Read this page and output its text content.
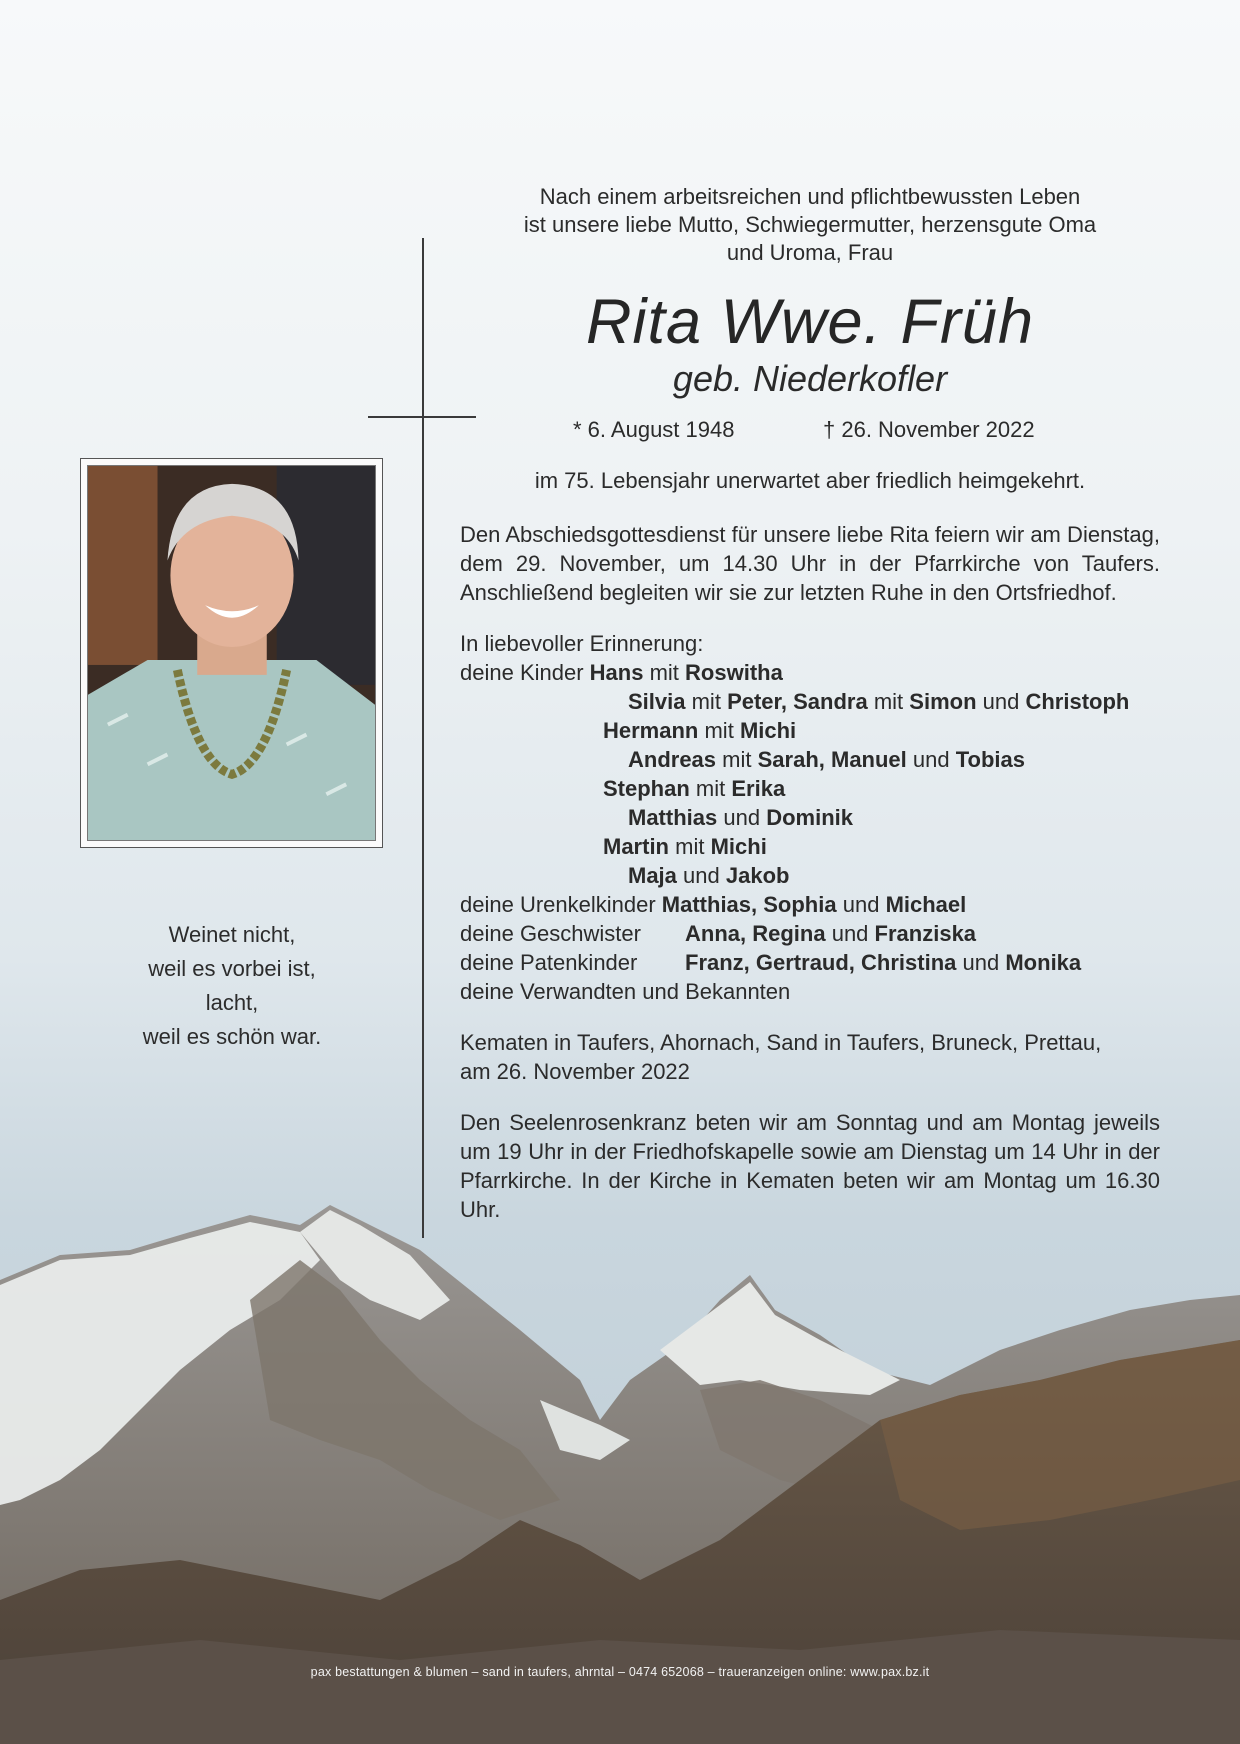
Weinet nicht,
weil es vorbei ist,
lacht,
weil es schön war.
Nach einem arbeitsreichen und pflichtbewussten Leben
ist unsere liebe Mutto, Schwiegermutter, herzensgute Oma
und Uroma, Frau
Rita Wwe. Früh
geb. Niederkofler
* 6. August 1948	† 26. November 2022
im 75. Lebensjahr unerwartet aber friedlich heimgekehrt.
Den Abschiedsgottesdienst für unsere liebe Rita feiern wir am Dienstag, dem 29. November, um 14.30 Uhr in der Pfarrkirche von Taufers. Anschließend begleiten wir sie zur letzten Ruhe in den Ortsfriedhof.
In liebevoller Erinnerung:
deine Kinder Hans mit Roswitha
Silvia mit Peter, Sandra mit Simon und Christoph
Hermann mit Michi
Andreas mit Sarah, Manuel und Tobias
Stephan mit Erika
Matthias und Dominik
Martin mit Michi
Maja und Jakob
deine Urenkelkinder Matthias, Sophia und Michael
deine Geschwister Anna, Regina und Franziska
deine Patenkinder Franz, Gertraud, Christina und Monika
deine Verwandten und Bekannten
Kematen in Taufers, Ahornach, Sand in Taufers, Bruneck, Prettau,
am 26. November 2022
Den Seelenrosenkranz beten wir am Sonntag und am Montag jeweils um 19 Uhr in der Friedhofskapelle sowie am Dienstag um 14 Uhr in der Pfarrkirche. In der Kirche in Kematen beten wir am Montag um 16.30 Uhr.
pax bestattungen & blumen – sand in taufers, ahrntal – 0474 652068 – traueranzeigen online: www.pax.bz.it
